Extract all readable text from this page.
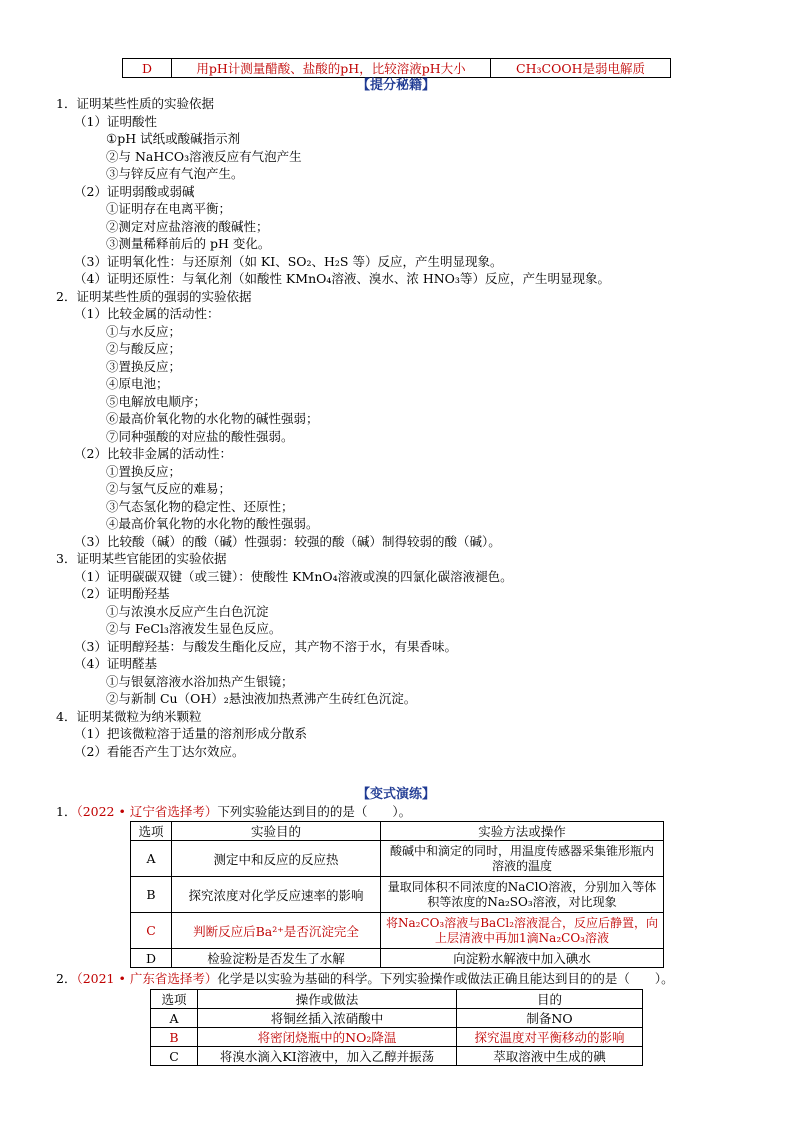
D	用pH计测量醋酸、盐酸的pH，比较溶液pH大小	CH₃COOH是弱电解质
【提分秘籍】
1．证明某些性质的实验依据
（1）证明酸性
①pH 试纸或酸碱指示剂
②与 NaHCO₃溶液反应有气泡产生
③与锌反应有气泡产生。
（2）证明弱酸或弱碱
①证明存在电离平衡；
②测定对应盐溶液的酸碱性；
③测量稀释前后的 pH 变化。
（3）证明氧化性：与还原剂（如 KI、SO₂、H₂S 等）反应，产生明显现象。
（4）证明还原性：与氧化剂（如酸性 KMnO₄溶液、溴水、浓 HNO₃等）反应，产生明显现象。
2．证明某些性质的强弱的实验依据
（1）比较金属的活动性：
①与水反应；
②与酸反应；
③置换反应；
④原电池；
⑤电解放电顺序；
⑥最高价氧化物的水化物的碱性强弱；
⑦同种强酸的对应盐的酸性强弱。
（2）比较非金属的活动性：
①置换反应；
②与氢气反应的难易；
③气态氢化物的稳定性、还原性；
④最高价氧化物的水化物的酸性强弱。
（3）比较酸（碱）的酸（碱）性强弱：较强的酸（碱）制得较弱的酸（碱）。
3．证明某些官能团的实验依据
（1）证明碳碳双键（或三键）：使酸性 KMnO₄溶液或溴的四氯化碳溶液褪色。
（2）证明酚羟基
①与浓溴水反应产生白色沉淀
②与 FeCl₃溶液发生显色反应。
（3）证明醇羟基：与酸发生酯化反应，其产物不溶于水，有果香味。
（4）证明醛基
①与银氨溶液水浴加热产生银镜；
②与新制 Cu（OH）₂悬浊液加热煮沸产生砖红色沉淀。
4．证明某微粒为纳米颗粒
（1）把该微粒溶于适量的溶剂形成分散系
（2）看能否产生丁达尔效应。
【变式演练】
1．（2022 • 辽宁省选择考）下列实验能达到目的的是（　　）。
选项	实验目的	实验方法或操作
A	测定中和反应的反应热	酸碱中和滴定的同时，用温度传感器采集锥形瓶内溶液的温度
B	探究浓度对化学反应速率的影响	量取同体积不同浓度的NaClO溶液，分别加入等体积等浓度的Na₂SO₃溶液，对比现象
C	判断反应后Ba²⁺是否沉淀完全	将Na₂CO₃溶液与BaCl₂溶液混合，反应后静置，向上层清液中再加1滴Na₂CO₃溶液
D	检验淀粉是否发生了水解	向淀粉水解液中加入碘水
2．（2021 • 广东省选择考）化学是以实验为基础的科学。下列实验操作或做法正确且能达到目的的是（　　）。
选项	操作或做法	目的
A	将铜丝插入浓硝酸中	制备NO
B	将密闭烧瓶中的NO₂降温	探究温度对平衡移动的影响
C	将溴水滴入KI溶液中，加入乙醇并振荡	萃取溶液中生成的碘
